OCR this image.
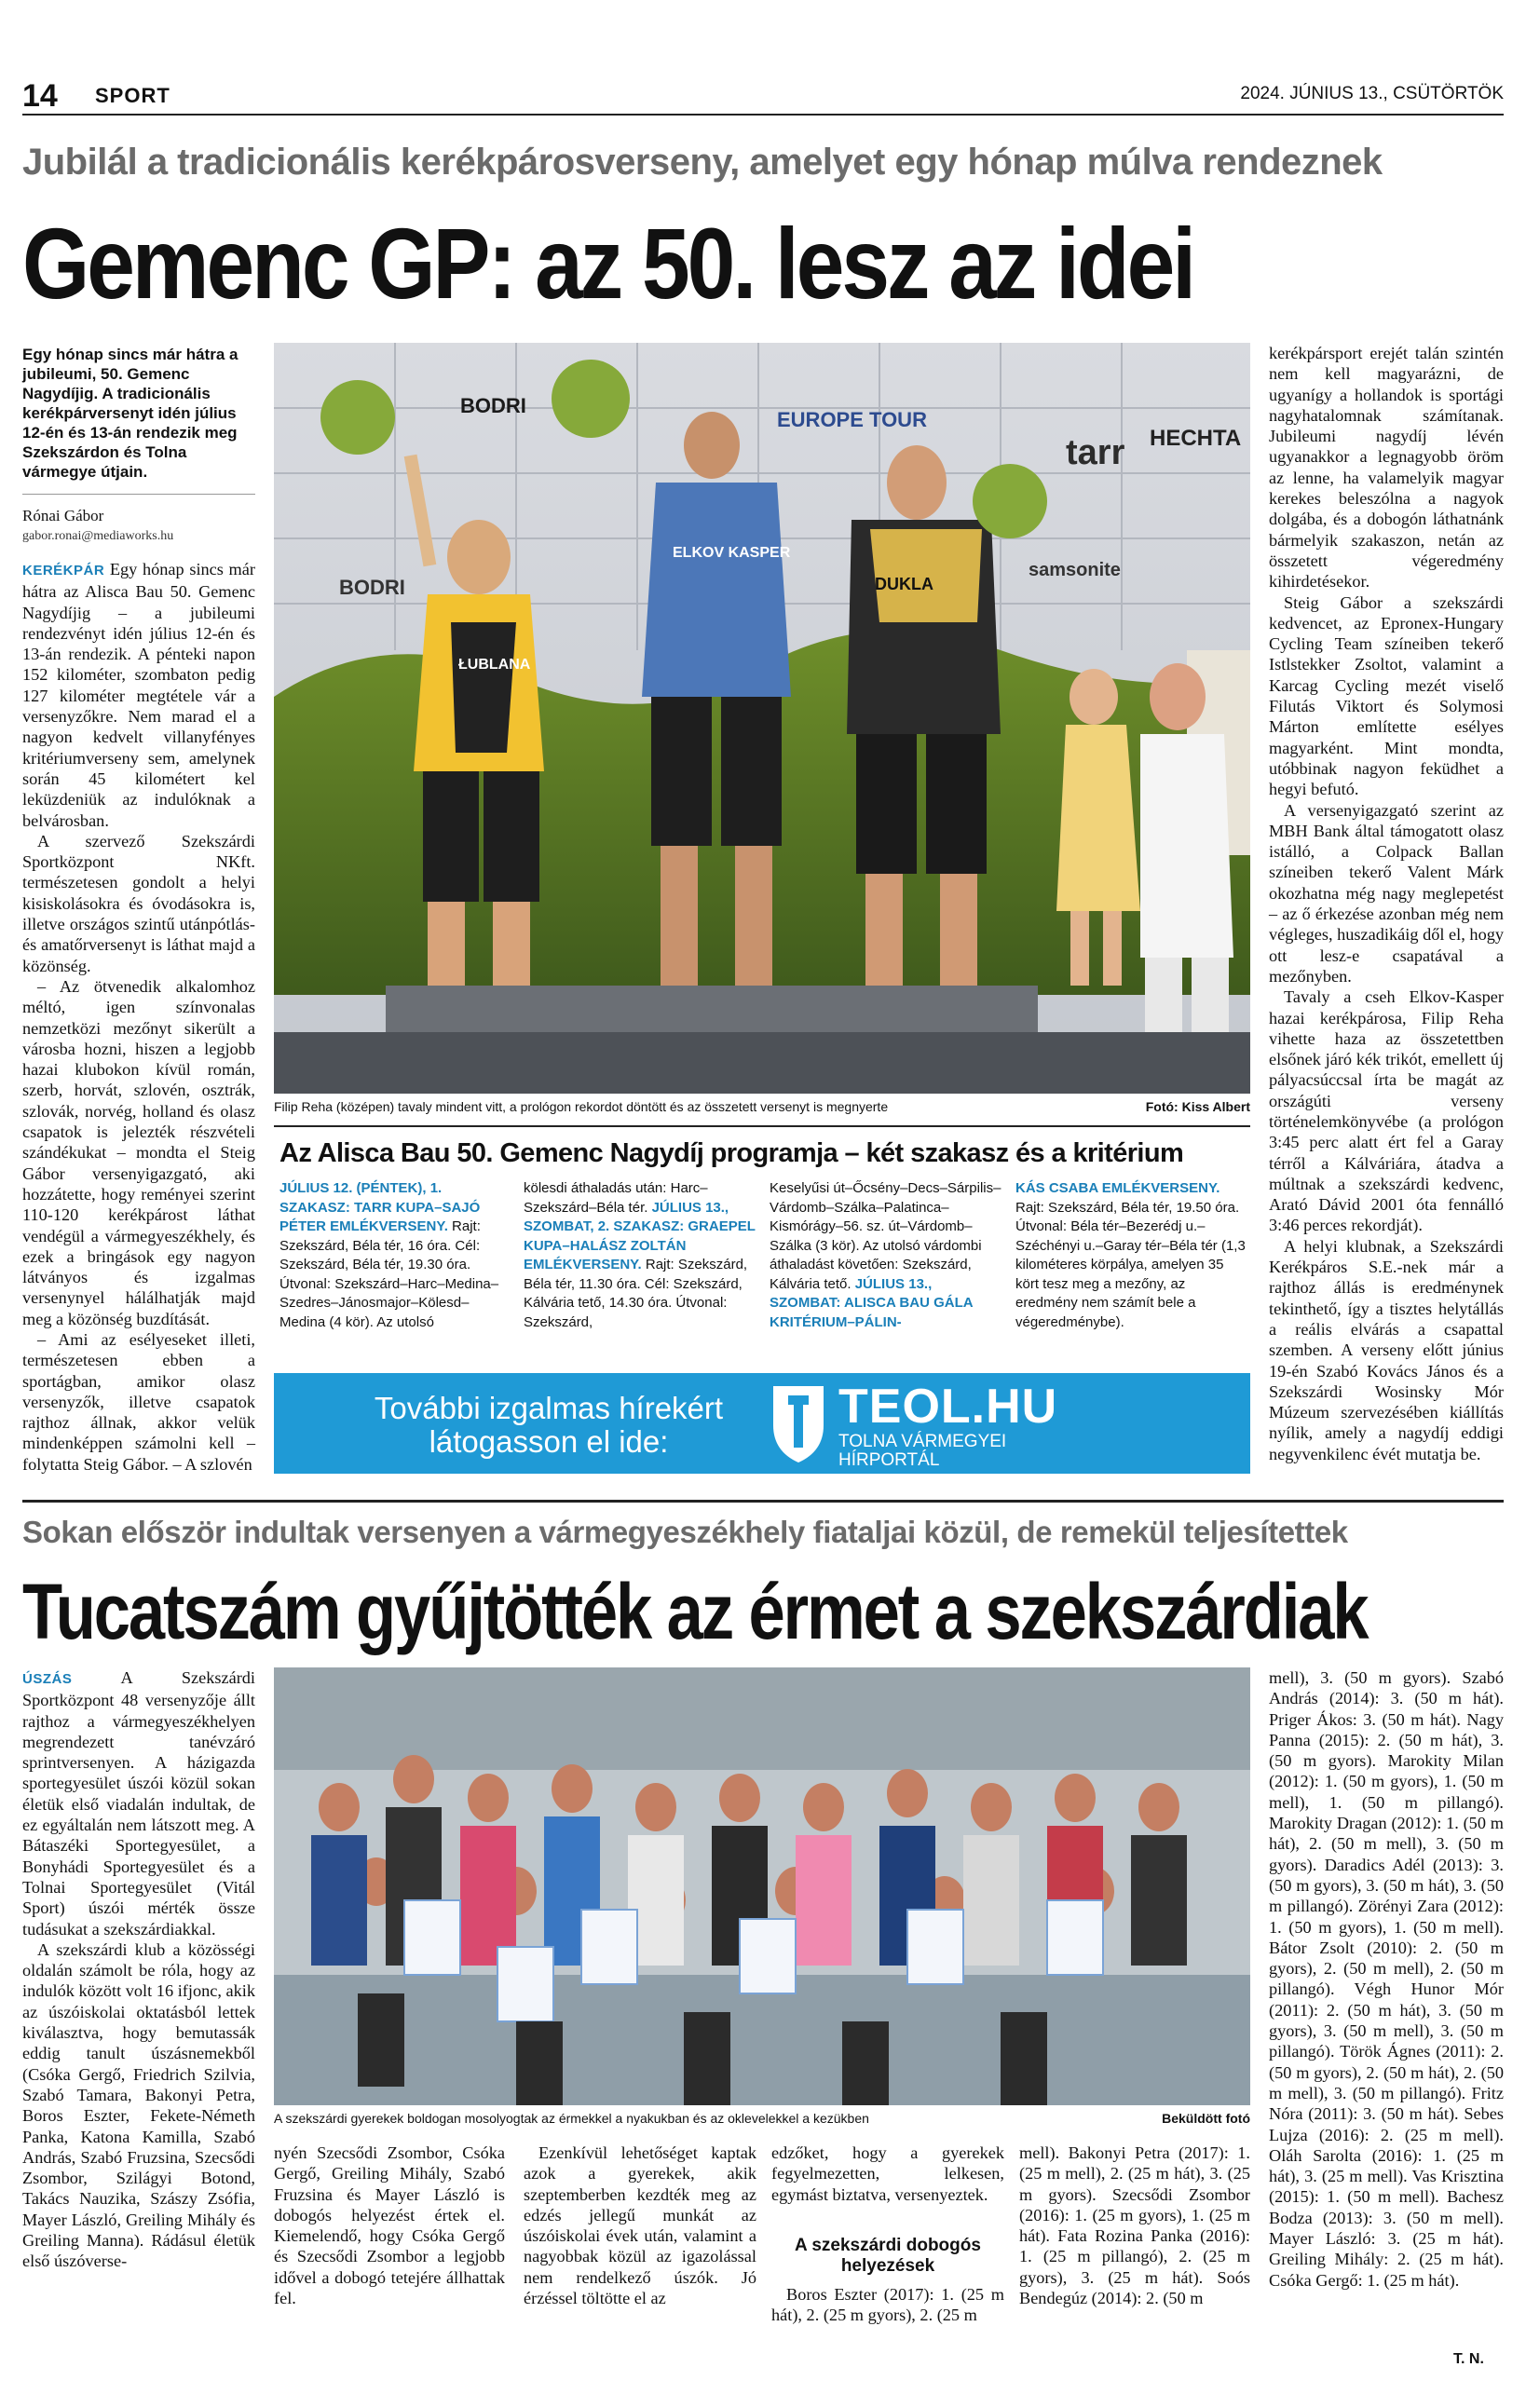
14 SPORT	2024. JÚNIUS 13., CSÜTÖRTÖK
Jubilál a tradicionális kerékpárosverseny, amelyet egy hónap múlva rendeznek
Gemenc GP: az 50. lesz az idei
Egy hónap sincs már hátra a jubileumi, 50. Gemenc Nagydíjig. A tradicionális kerékpárversenyt idén július 12-én és 13-án rendezik meg Szekszárdon és Tolna vármegye útjain.
Rónai Gábor
gabor.ronai@mediaworks.hu

KERÉKPÁR Egy hónap sincs már hátra az Alisca Bau 50. Gemenc Nagydíjig – a jubileumi rendezvényt idén július 12-én és 13-án rendezik. A pénteki napon 152 kilométer, szombaton pedig 127 kilométer megtétele vár a versenyzőkre. Nem marad el a nagyon kedvelt villanyfényes kritériumverseny sem, amelynek során 45 kilométert kel leküzdeniük az indulóknak a belvárosban.

A szervező Szekszárdi Sportközpont NKft. természetesen gondolt a helyi kisiskolásokra és óvodásokra is, illetve országos szintű utánpótlás- és amatőrversenyt is láthat majd a közönség.

– Az ötvenedik alkalomhoz méltó, igen színvonalas nemzetközi mezőnyt sikerült a városba hozni, hiszen a legjobb hazai klubokon kívül román, szerb, horvát, szlovén, osztrák, szlovák, norvég, holland és olasz csapatok is jelezték részvételi szándékukat – mondta el Steig Gábor versenyigazgató, aki hozzátette, hogy reményei szerint 110-120 kerékpárost láthat vendégül a vármegyeszékhely, és ezek a bringások egy nagyon látványos és izgalmas versenynyel hálálhatják majd meg a közönség buzdítását.

– Ami az esélyeseket illeti, természetesen ebben a sportágban, amikor olasz versenyzők, illetve csapatok rajthoz állnak, akkor velük mindenképpen számolni kell – folytatta Steig Gábor. – A szlovén

HECHTA
BODRI
tarr
EUROPE TOUR
samsonite
BODRI
ŁUBLANA
ELKOV KASPER
DUKLA
Filip Reha (középen) tavaly mindent vitt, a prológon rekordot döntött és az összetett versenyt is megnyerte	Fotó: Kiss Albert
Az Alisca Bau 50. Gemenc Nagydíj programja – két szakasz és a kritérium
JÚLIUS 12. (PÉNTEK), 1. SZAKASZ: TARR KUPA–SAJÓ PÉTER EMLÉKVERSENY. Rajt: Szekszárd, Béla tér, 16 óra. Cél: Szekszárd, Béla tér, 19.30 óra. Útvonal: Szekszárd–Harc–Medina–Szedres–Jánosmajor–Kölesd–Medina (4 kör). Az utolsó
kölesdi áthaladás után: Harc–Szekszárd–Béla tér. JÚLIUS 13., SZOMBAT, 2. SZAKASZ: GRAEPEL KUPA–HALÁSZ ZOLTÁN EMLÉKVERSENY. Rajt: Szekszárd, Béla tér, 11.30 óra. Cél: Szekszárd, Kálvária tető, 14.30 óra. Útvonal: Szekszárd,
Keselyűsi út–Őcsény–Decs–Sárpilis–Várdomb–Szálka–Palatinca–Kismórágy–56. sz. út–Várdomb–Szálka (3 kör). Az utolsó várdombi áthaladást követően: Szekszárd, Kálvária tető. JÚLIUS 13., SZOMBAT: ALISCA BAU GÁLA KRITÉRIUM–PÁLIN-
KÁS CSABA EMLÉKVERSENY. Rajt: Szekszárd, Béla tér, 19.50 óra. Útvonal: Béla tér–Bezerédj u.–Széchényi u.–Garay tér–Béla tér (1,3 kilométeres körpálya, amelyen 35 kört tesz meg a mezőny, az eredmény nem számít bele a végeredménybe).
További izgalmas hírekért látogasson el ide:
TEOL.HU
TOLNA VÁRMEGYEI HÍRPORTÁL

kerékpársport erejét talán szintén nem kell magyarázni, de ugyanígy a hollandok is sportági nagyhatalomnak számítanak. Jubileumi nagydíj lévén ugyanakkor a legnagyobb öröm az lenne, ha valamelyik magyar kerekes beleszólna a nagyok dolgába, és a dobogón láthatnánk bármelyik szakaszon, netán az összetett végeredmény kihirdetésekor.

Steig Gábor a szekszárdi kedvencet, az Epronex-Hungary Cycling Team színeiben tekerő Istlstekker Zsoltot, valamint a Karcag Cycling mezét viselő Filutás Viktort és Solymosi Márton említette esélyes magyarként. Mint mondta, utóbbinak nagyon feküdhet a hegyi befutó.

A versenyigazgató szerint az MBH Bank által támogatott olasz istálló, a Colpack Ballan színeiben tekerő Valent Márk okozhatna még nagy meglepetést – az ő érkezése azonban még nem végleges, huszadikáig dől el, hogy ott lesz-e csapatával a mezőnyben.

Tavaly a cseh Elkov-Kasper hazai kerékpárosa, Filip Reha vihette haza az összetettben elsőnek járó kék trikót, emellett új pályacsúccsal írta be magát az országúti verseny történelemkönyvébe (a prológon 3:45 perc alatt ért fel a Garay térről a Kálváriára, átadva a múltnak a szekszárdi kedvenc, Arató Dávid 2001 óta fennálló 3:46 perces rekordját).

A helyi klubnak, a Szekszárdi Kerékpáros S.E.-nek már a rajthoz állás is eredménynek tekinthető, így a tisztes helytállás a reális elvárás a csapattal szemben. A verseny előtt június 19-én Szabó Kovács János és a Szekszárdi Wosinsky Mór Múzeum szervezésében kiállítás nyílik, amely a nagydíj eddigi negyvenkilenc évét mutatja be.

Sokan először indultak versenyen a vármegyeszékhely fiataljai közül, de remekül teljesítettek
Tucatszám gyűjtötték az érmet a szekszárdiak

ÚSZÁS	A Szekszárdi Sportközpont 48 versenyzője állt rajthoz a vármegyeszékhelyen megrendezett tanévzáró sprintversenyen. A házigazda sportegyesület úszói közül sokan életük első viadalán indultak, de ez egyáltalán nem látszott meg. A Bátaszéki Sportegyesület, a Bonyhádi Sportegyesület és a Tolnai Sportegyesület (Vitál Sport) úszói mérték össze tudásukat a szekszárdiakkal.

A szekszárdi klub a közösségi oldalán számolt be róla, hogy az indulók között volt 16 ifjonc, akik az úszóiskolai oktatásból lettek kiválasztva, hogy bemutassák eddig tanult úszásnemekből (Csóka Gergő, Friedrich Szilvia, Szabó Tamara, Bakonyi Petra, Boros Eszter, Fekete-Németh Panka, Katona Kamilla, Szabó András, Szabó Fruzsina, Szecsődi Zsombor, Szilágyi Botond, Takács Nauzika, Szászy Zsófia, Mayer László, Greiling Mihály és Greiling Manna). Rádásul életük első úszóverse-

A szekszárdi gyerekek boldogan mosolyogtak az érmekkel a nyakukban és az oklevelekkel a kezükben	Beküldött fotó

nyén Szecsődi Zsombor, Csóka Gergő, Greiling Mihály, Szabó Fruzsina és Mayer László is dobogós helyezést értek el. Kiemelendő, hogy Csóka Gergő és Szecsődi Zsombor a legjobb idővel a dobogó tetejére állhattak fel.

Ezenkívül lehetőséget kaptak azok a gyerekek, akik szeptemberben kezdték meg az edzés jellegű munkát az úszóiskolai évek után, valamint a nagyobbak közül az igazolással nem rendelkező úszók. Jó érzéssel töltötte el az

edzőket, hogy a gyerekek fegyelmezetten, lelkesen, egymást biztatva, versenyeztek.

A szekszárdi dobogós helyezések

Boros Eszter (2017): 1. (25 m hát), 2. (25 m gyors), 2. (25 m

mell). Bakonyi Petra (2017): 1. (25 m mell), 2. (25 m hát), 3. (25 m gyors). Szecsődi Zsombor (2016): 1. (25 m gyors), 1. (25 m hát). Fata Rozina Panka (2016): 1. (25 m pillangó), 2. (25 m gyors), 3. (25 m hát). Soós Bendegúz (2014): 2. (50 m

mell), 3. (50 m gyors). Szabó András (2014): 3. (50 m hát). Priger Ákos: 3. (50 m hát). Nagy Panna (2015): 2. (50 m hát), 3. (50 m gyors). Marokity Milan (2012): 1. (50 m gyors), 1. (50 m mell), 1. (50 m pillangó). Marokity Dragan (2012): 1. (50 m hát), 2. (50 m mell), 3. (50 m gyors). Daradics Adél (2013): 3. (50 m gyors), 3. (50 m hát), 3. (50 m pillangó). Zörényi Zara (2012): 1. (50 m gyors), 1. (50 m mell). Bátor Zsolt (2010): 2. (50 m gyors), 2. (50 m mell), 2. (50 m pillangó). Végh Hunor Mór (2011): 2. (50 m hát), 3. (50 m gyors), 3. (50 m mell), 3. (50 m pillangó). Török Ágnes (2011): 2. (50 m gyors), 2. (50 m hát), 2. (50 m mell), 3. (50 m pillangó). Fritz Nóra (2011): 3. (50 m hát). Sebes Lujza (2016): 2. (25 m mell). Oláh Sarolta (2016): 1. (25 m hát), 3. (25 m mell). Vas Krisztina (2015): 1. (50 m mell). Bachesz Bodza (2013): 3. (50 m mell). Mayer László: 3. (25 m hát). Greiling Mihály: 2. (25 m hát). Csóka Gergő: 1. (25 m hát).

T. N.
